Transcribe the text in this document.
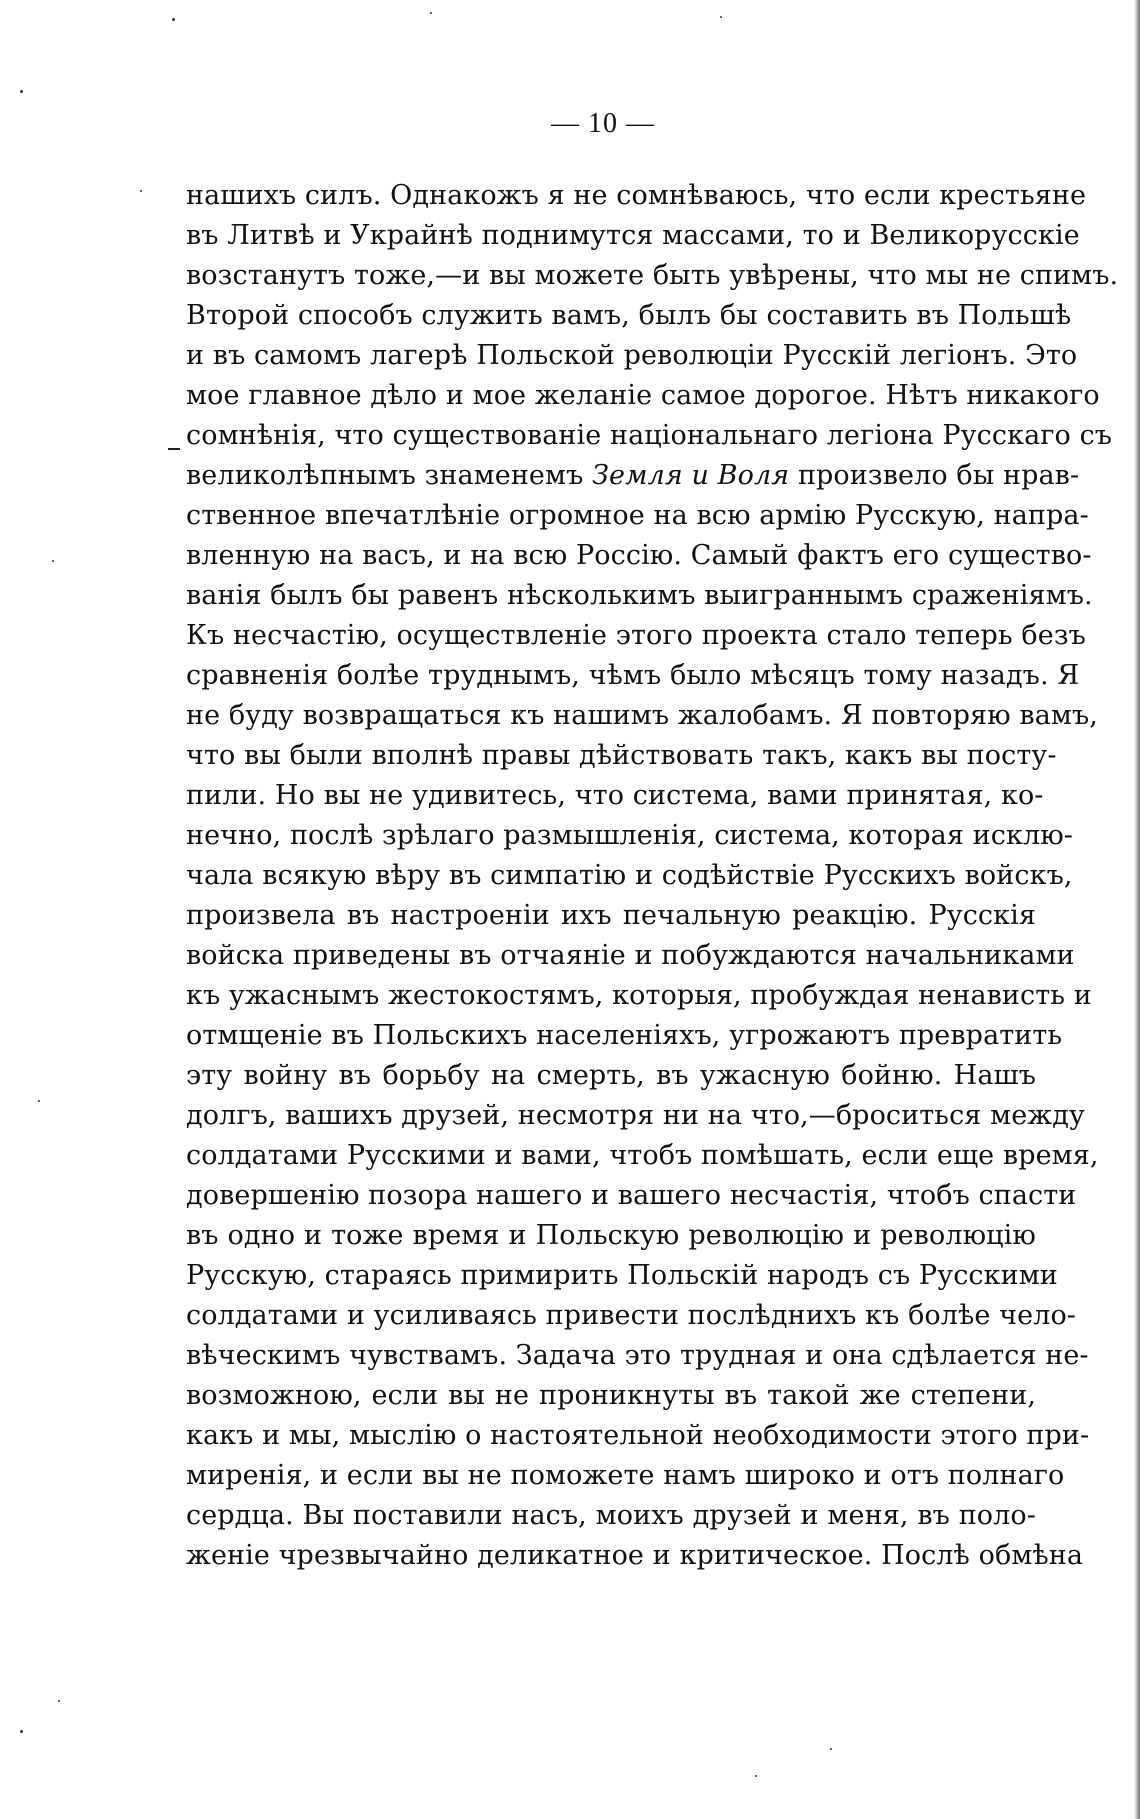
— 10 —
нашихъ силъ. Однакожъ я не сомнѣваюсь, что если крестьяне
въ Литвѣ и Украйнѣ поднимутся массами, то и Великорусскіе
возстанутъ тоже,—и вы можете быть увѣрены, что мы не спимъ.
Второй способъ служить вамъ, былъ бы составить въ Польшѣ
и въ самомъ лагерѣ Польской революціи Русскій легіонъ. Это
мое главное дѣло и мое желаніе самое дорогое. Нѣтъ никакого
сомнѣнія, что существованіе національнаго легіона Русскаго съ
великолѣпнымъ знаменемъ Земля и Воля произвело бы нрав-
ственное впечатлѣніе огромное на всю армію Русскую, напра-
вленную на васъ, и на всю Россію. Самый фактъ его существо-
ванія былъ бы равенъ нѣсколькимъ выиграннымъ сраженіямъ.
Къ несчастію, осуществленіе этого проекта стало теперь безъ
сравненія болѣе труднымъ, чѣмъ было мѣсяцъ тому назадъ. Я
не буду возвращаться къ нашимъ жалобамъ. Я повторяю вамъ,
что вы были вполнѣ правы дѣйствовать такъ, какъ вы посту-
пили. Но вы не удивитесь, что система, вами принятая, ко-
нечно, послѣ зрѣлаго размышленія, система, которая исклю-
чала всякую вѣру въ симпатію и содѣйствіе Русскихъ войскъ,
произвела въ настроеніи ихъ печальную реакцію. Русскія
войска приведены въ отчаяніе и побуждаются начальниками
къ ужаснымъ жестокостямъ, которыя, пробуждая ненависть и
отмщеніе въ Польскихъ населеніяхъ, угрожаютъ превратить
эту войну въ борьбу на смерть, въ ужасную бойню. Нашъ
долгъ, вашихъ друзей, несмотря ни на что,—броситься между
солдатами Русскими и вами, чтобъ помѣшать, если еще время,
довершенію позора нашего и вашего несчастія, чтобъ спасти
въ одно и тоже время и Польскую революцію и революцію
Русскую, стараясь примирить Польскій народъ съ Русскими
солдатами и усиливаясь привести послѣднихъ къ болѣе чело-
вѣческимъ чувствамъ. Задача это трудная и она сдѣлается не-
возможною, если вы не проникнуты въ такой же степени,
какъ и мы, мыслію о настоятельной необходимости этого при-
миренія, и если вы не поможете намъ широко и отъ полнаго
сердца. Вы поставили насъ, моихъ друзей и меня, въ поло-
женіе чрезвычайно деликатное и критическое. Послѣ обмѣна
